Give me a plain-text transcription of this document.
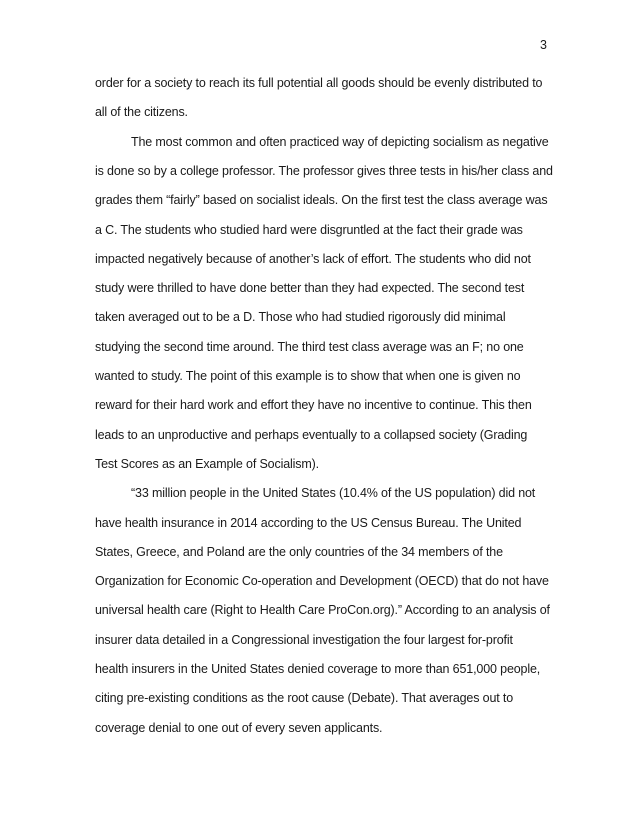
3
order for a society to reach its full potential all goods should be evenly distributed to
all of the citizens.
The most common and often practiced way of depicting socialism as negative
is done so by a college professor. The professor gives three tests in his/her class and
grades them “fairly” based on socialist ideals. On the first test the class average was
a C. The students who studied hard were disgruntled at the fact their grade was
impacted negatively because of another’s lack of effort. The students who did not
study were thrilled to have done better than they had expected. The second test
taken averaged out to be a D. Those who had studied rigorously did minimal
studying the second time around. The third test class average was an F; no one
wanted to study. The point of this example is to show that when one is given no
reward for their hard work and effort they have no incentive to continue. This then
leads to an unproductive and perhaps eventually to a collapsed society (Grading
Test Scores as an Example of Socialism).
“33 million people in the United States (10.4% of the US population) did not
have health insurance in 2014 according to the US Census Bureau. The United
States, Greece, and Poland are the only countries of the 34 members of the
Organization for Economic Co-operation and Development (OECD) that do not have
universal health care (Right to Health Care ProCon.org).” According to an analysis of
insurer data detailed in a Congressional investigation the four largest for-profit
health insurers in the United States denied coverage to more than 651,000 people,
citing pre-existing conditions as the root cause (Debate). That averages out to
coverage denial to one out of every seven applicants.
